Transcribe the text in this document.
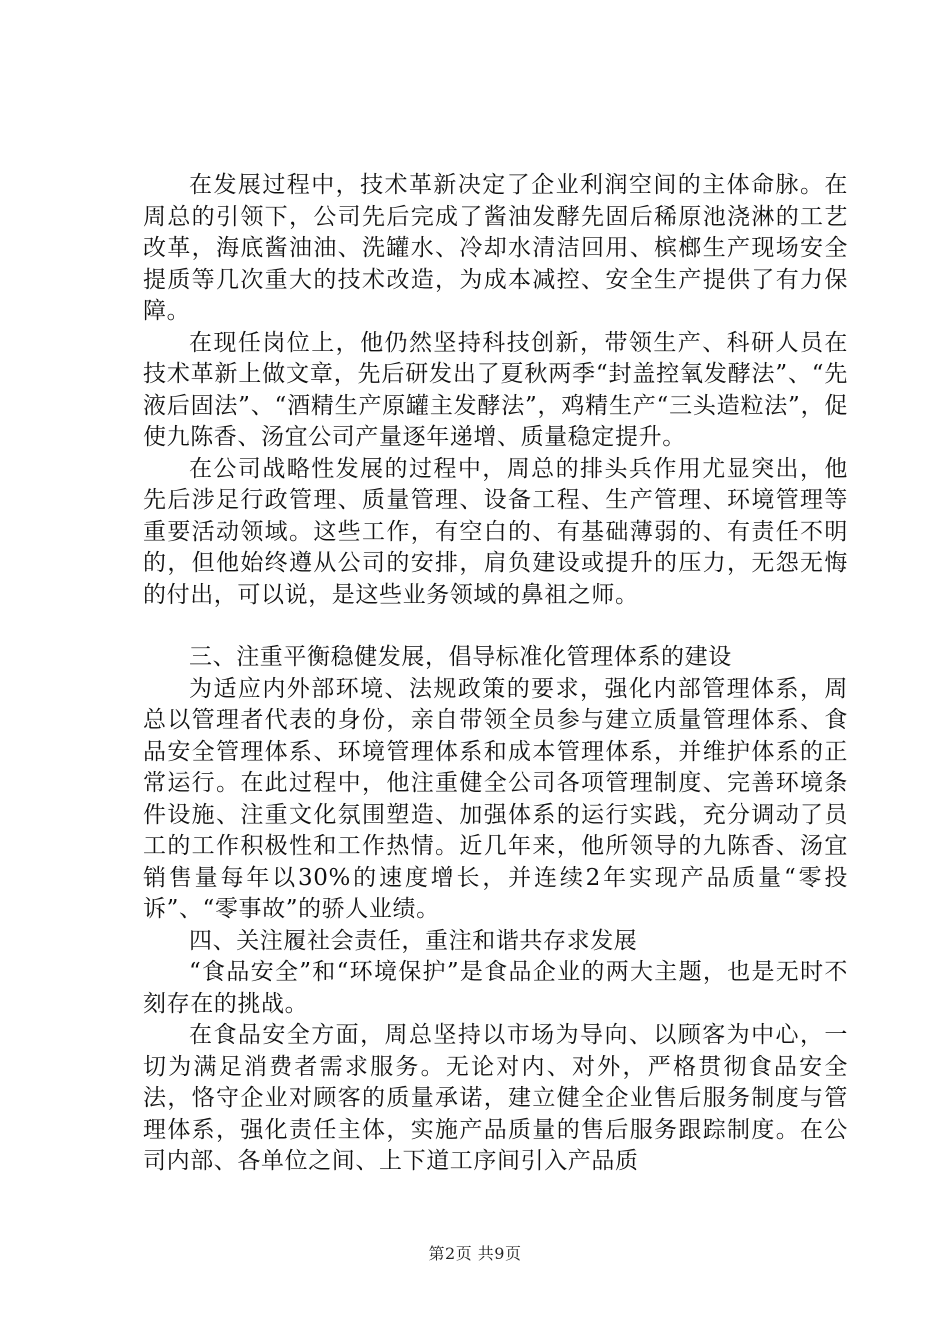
在发展过程中，技术革新决定了企业利润空间的主体命脉。在周总的引领下，公司先后完成了酱油发酵先固后稀原池浇淋的工艺改革，海底酱油油、洗罐水、冷却水清洁回用、槟榔生产现场安全提质等几次重大的技术改造，为成本减控、安全生产提供了有力保障。

在现任岗位上，他仍然坚持科技创新，带领生产、科研人员在技术革新上做文章，先后研发出了夏秋两季“封盖控氧发酵法”、“先液后固法”、“酒精生产原罐主发酵法”，鸡精生产“三头造粒法”，促使九陈香、汤宜公司产量逐年递增、质量稳定提升。

在公司战略性发展的过程中，周总的排头兵作用尤显突出，他先后涉足行政管理、质量管理、设备工程、生产管理、环境管理等重要活动领域。这些工作，有空白的、有基础薄弱的、有责任不明的，但他始终遵从公司的安排，肩负建设或提升的压力，无怨无悔的付出，可以说，是这些业务领域的鼻祖之师。

三、注重平衡稳健发展，倡导标准化管理体系的建设

为适应内外部环境、法规政策的要求，强化内部管理体系，周总以管理者代表的身份，亲自带领全员参与建立质量管理体系、食品安全管理体系、环境管理体系和成本管理体系，并维护体系的正常运行。在此过程中，他注重健全公司各项管理制度、完善环境条件设施、注重文化氛围塑造、加强体系的运行实践，充分调动了员工的工作积极性和工作热情。近几年来，他所领导的九陈香、汤宜销售量每年以30%的速度增长，并连续2年实现产品质量“零投诉”、“零事故”的骄人业绩。

四、关注履社会责任，重注和谐共存求发展

“食品安全”和“环境保护”是食品企业的两大主题，也是无时不刻存在的挑战。

在食品安全方面，周总坚持以市场为导向、以顾客为中心，一切为满足消费者需求服务。无论对内、对外，严格贯彻食品安全法，恪守企业对顾客的质量承诺，建立健全企业售后服务制度与管理体系，强化责任主体，实施产品质量的售后服务跟踪制度。在公司内部、各单位之间、上下道工序间引入产品质

第2页 共9页
